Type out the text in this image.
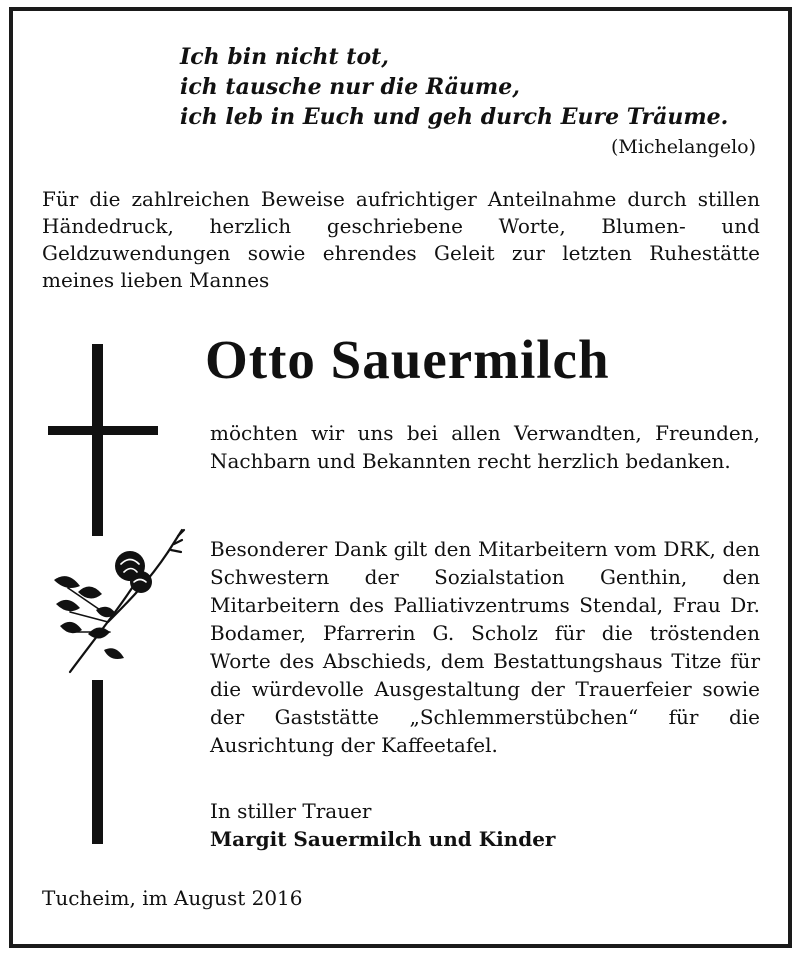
Ich bin nicht tot,
ich tausche nur die Räume,
ich leb in Euch und geh durch Eure Träume.
(Michelangelo)
Für die zahlreichen Beweise aufrichtiger Anteilnahme durch stillen Händedruck, herzlich geschriebene Worte, Blumen- und Geldzuwendungen sowie ehrendes Geleit zur letzten Ruhestätte meines lieben Mannes
Otto Sauermilch
möchten wir uns bei allen Verwandten, Freunden, Nachbarn und Bekannten recht herzlich bedanken.
Besonderer Dank gilt den Mitarbeitern vom DRK, den Schwestern der Sozialstation Genthin, den Mitarbeitern des Palliativzentrums Stendal, Frau Dr. Bodamer, Pfarrerin G. Scholz für die tröstenden Worte des Abschieds, dem Bestattungshaus Titze für die würdevolle Ausgestaltung der Trauerfeier sowie der Gaststätte „Schlemmerstübchen“ für die Ausrichtung der Kaffeetafel.
In stiller Trauer
Margit Sauermilch und Kinder
Tucheim, im August 2016
